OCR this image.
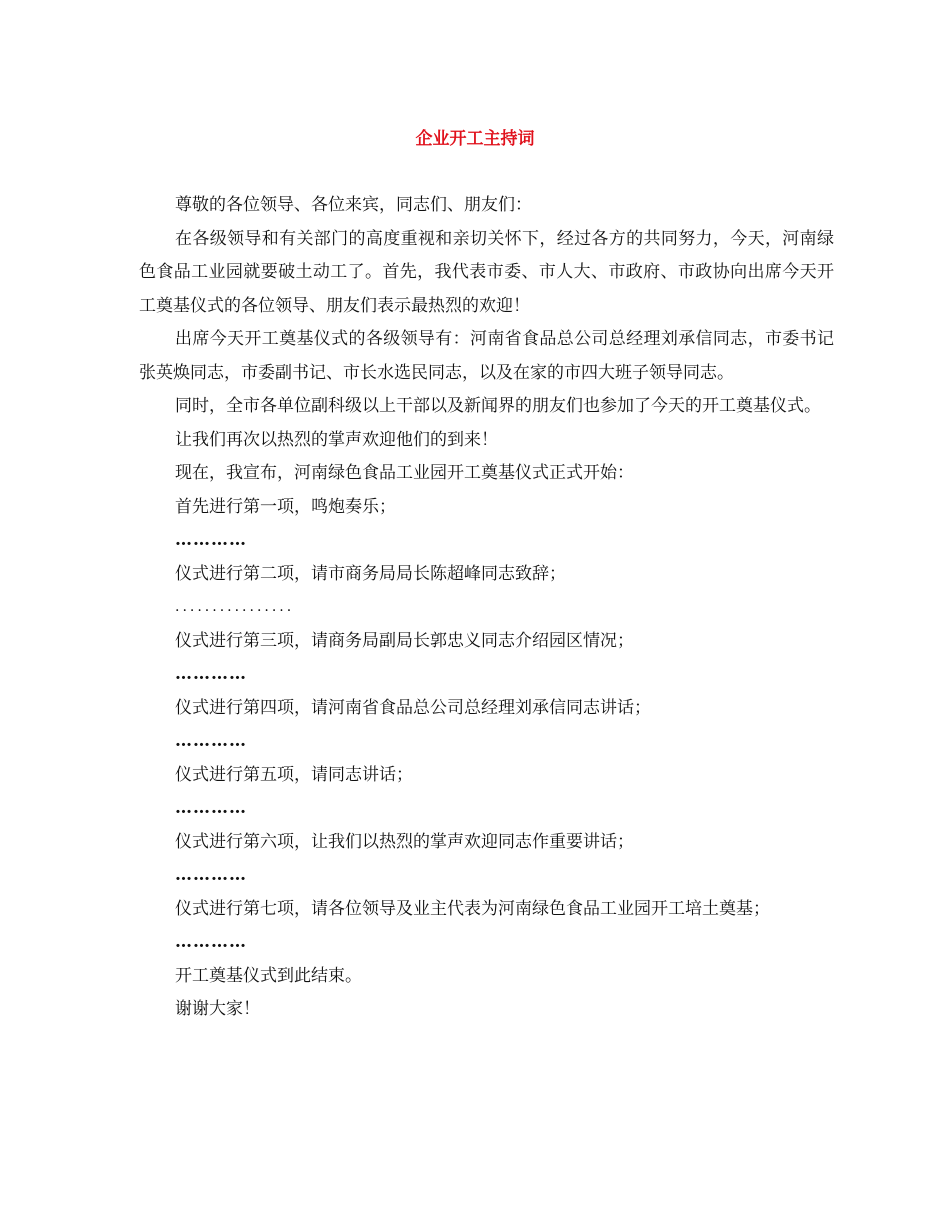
企业开工主持词

尊敬的各位领导、各位来宾，同志们、朋友们：

在各级领导和有关部门的高度重视和亲切关怀下，经过各方的共同努力，今天，河南绿色食品工业园就要破土动工了。首先，我代表市委、市人大、市政府、市政协向出席今天开工奠基仪式的各位领导、朋友们表示最热烈的欢迎！

出席今天开工奠基仪式的各级领导有：河南省食品总公司总经理刘承信同志，市委书记张英焕同志，市委副书记、市长水选民同志，以及在家的市四大班子领导同志。

同时，全市各单位副科级以上干部以及新闻界的朋友们也参加了今天的开工奠基仪式。

让我们再次以热烈的掌声欢迎他们的到来！

现在，我宣布，河南绿色食品工业园开工奠基仪式正式开始：

首先进行第一项，鸣炮奏乐；

…………

仪式进行第二项，请市商务局局长陈超峰同志致辞；

................

仪式进行第三项，请商务局副局长郭忠义同志介绍园区情况；

…………

仪式进行第四项，请河南省食品总公司总经理刘承信同志讲话；

…………

仪式进行第五项，请同志讲话；

…………

仪式进行第六项，让我们以热烈的掌声欢迎同志作重要讲话；

…………

仪式进行第七项，请各位领导及业主代表为河南绿色食品工业园开工培土奠基；

…………

开工奠基仪式到此结束。

谢谢大家！
